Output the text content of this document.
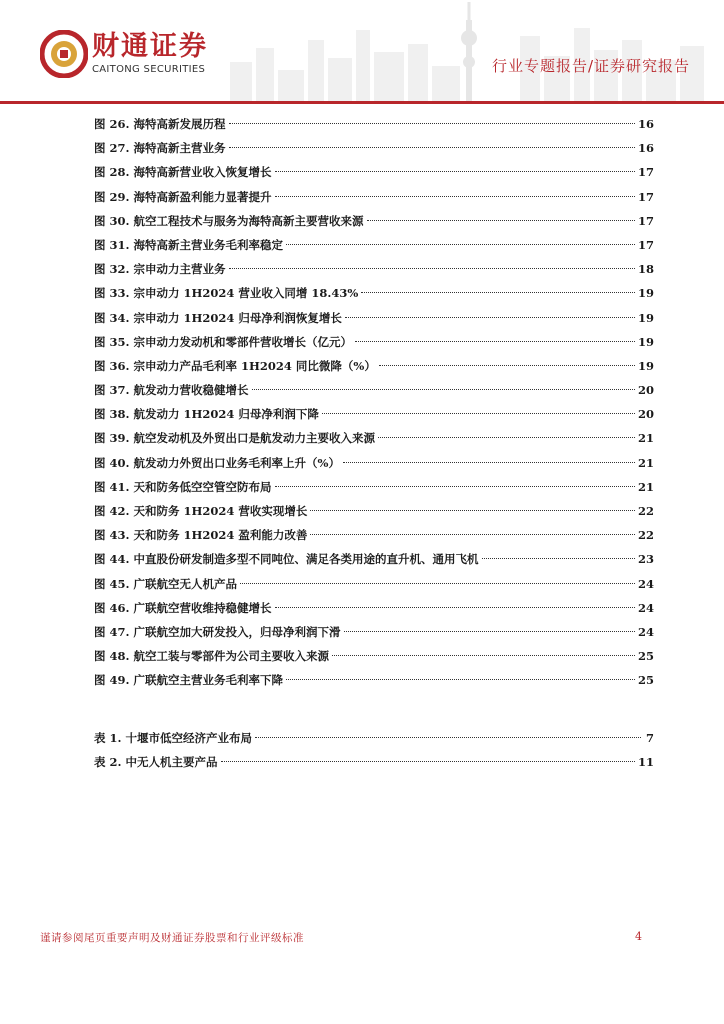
财通证券
CAITONG SECURITIES	行业专题报告/证券研究报告
图 26. 海特高新发展历程	16
图 27. 海特高新主营业务	16
图 28. 海特高新营业收入恢复增长	17
图 29. 海特高新盈利能力显著提升	17
图 30. 航空工程技术与服务为海特高新主要营收来源	17
图 31. 海特高新主营业务毛利率稳定	17
图 32. 宗申动力主营业务	18
图 33. 宗申动力 1H2024 营业收入同增 18.43%	19
图 34. 宗申动力 1H2024 归母净利润恢复增长	19
图 35. 宗申动力发动机和零部件营收增长（亿元）	19
图 36. 宗申动力产品毛利率 1H2024 同比微降（%）	19
图 37. 航发动力营收稳健增长	20
图 38. 航发动力 1H2024 归母净利润下降	20
图 39. 航空发动机及外贸出口是航发动力主要收入来源	21
图 40. 航发动力外贸出口业务毛利率上升（%）	21
图 41. 天和防务低空空管空防布局	21
图 42. 天和防务 1H2024 营收实现增长	22
图 43. 天和防务 1H2024 盈利能力改善	22
图 44. 中直股份研发制造多型不同吨位、满足各类用途的直升机、通用飞机	23
图 45. 广联航空无人机产品	24
图 46. 广联航空营收维持稳健增长	24
图 47. 广联航空加大研发投入，归母净利润下滑	24
图 48. 航空工装与零部件为公司主要收入来源	25
图 49. 广联航空主营业务毛利率下降	25
表 1. 十堰市低空经济产业布局	7
表 2. 中无人机主要产品	11
谨请参阅尾页重要声明及财通证券股票和行业评级标准	4
